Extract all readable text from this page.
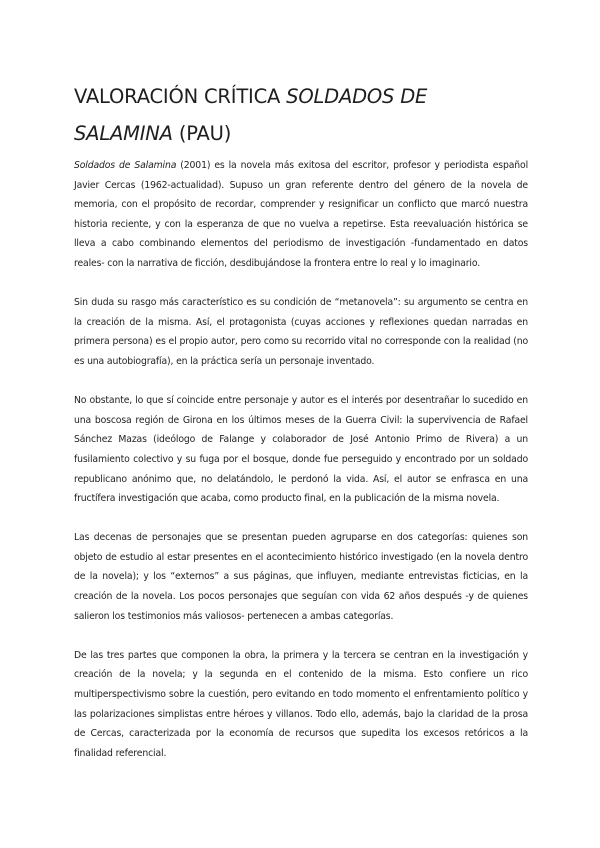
VALORACIÓN CRÍTICA SOLDADOS DE SALAMINA (PAU)

Soldados de Salamina (2001) es la novela más exitosa del escritor, profesor y periodista español Javier Cercas (1962-actualidad). Supuso un gran referente dentro del género de la novela de memoria, con el propósito de recordar, comprender y resignificar un conflicto que marcó nuestra historia reciente, y con la esperanza de que no vuelva a repetirse. Esta reevaluación histórica se lleva a cabo combinando elementos del periodismo de investigación -fundamentado en datos reales- con la narrativa de ficción, desdibujándose la frontera entre lo real y lo imaginario.

Sin duda su rasgo más característico es su condición de “metanovela”: su argumento se centra en la creación de la misma. Así, el protagonista (cuyas acciones y reflexiones quedan narradas en primera persona) es el propio autor, pero como su recorrido vital no corresponde con la realidad (no es una autobiografía), en la práctica sería un personaje inventado.

No obstante, lo que sí coincide entre personaje y autor es el interés por desentrañar lo sucedido en una boscosa región de Girona en los últimos meses de la Guerra Civil: la supervivencia de Rafael Sánchez Mazas (ideólogo de Falange y colaborador de José Antonio Primo de Rivera) a un fusilamiento colectivo y su fuga por el bosque, donde fue perseguido y encontrado por un soldado republicano anónimo que, no delatándolo, le perdonó la vida. Así, el autor se enfrasca en una fructífera investigación que acaba, como producto final, en la publicación de la misma novela.

Las decenas de personajes que se presentan pueden agruparse en dos categorías: quienes son objeto de estudio al estar presentes en el acontecimiento histórico investigado (en la novela dentro de la novela); y los “externos” a sus páginas, que influyen, mediante entrevistas ficticias, en la creación de la novela. Los pocos personajes que seguían con vida 62 años después -y de quienes salieron los testimonios más valiosos- pertenecen a ambas categorías.

De las tres partes que componen la obra, la primera y la tercera se centran en la investigación y creación de la novela; y la segunda en el contenido de la misma. Esto confiere un rico multiperspectivismo sobre la cuestión, pero evitando en todo momento el enfrentamiento político y las polarizaciones simplistas entre héroes y villanos. Todo ello, además, bajo la claridad de la prosa de Cercas, caracterizada por la economía de recursos que supedita los excesos retóricos a la finalidad referencial.
